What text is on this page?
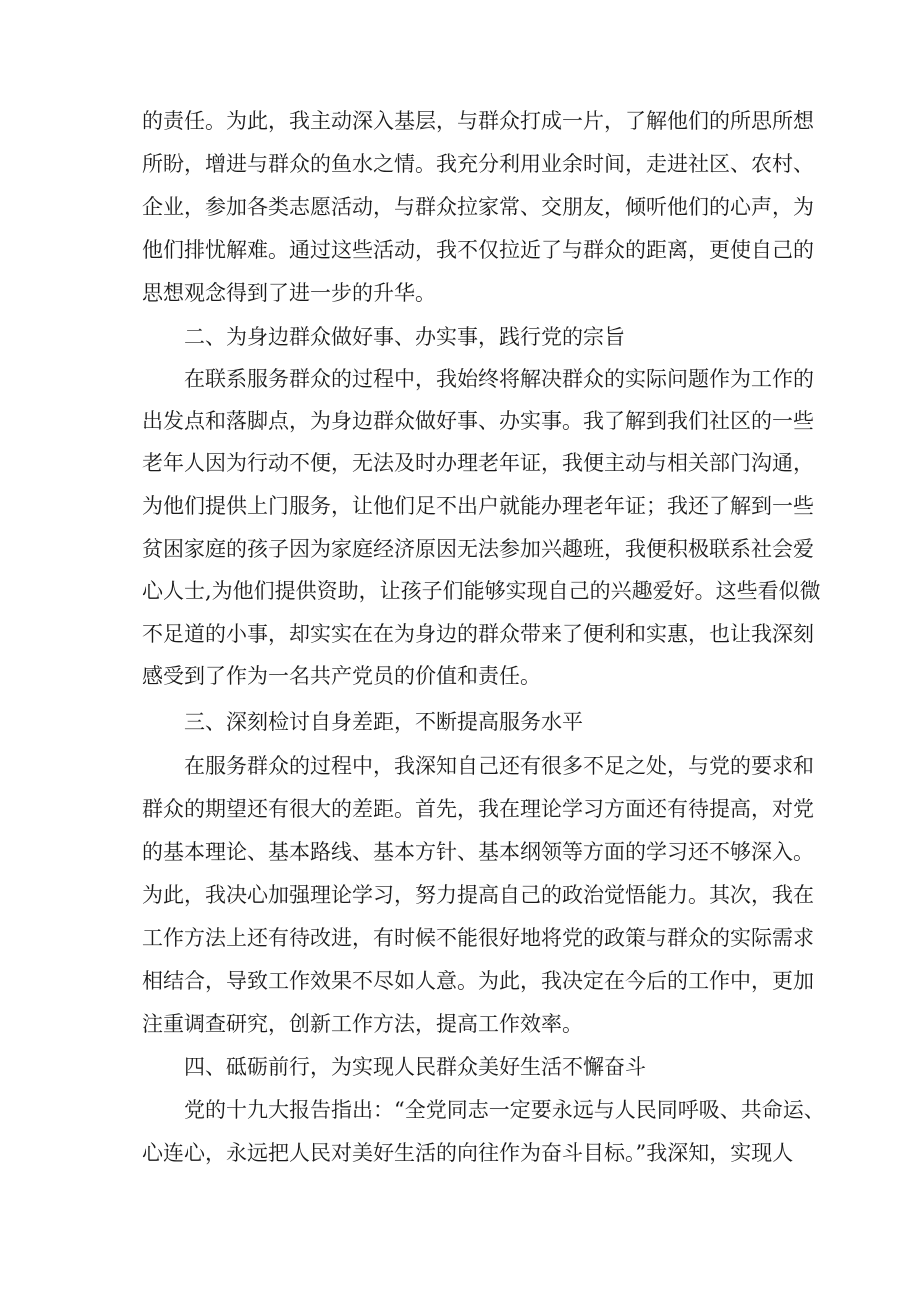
的责任。为此，我主动深入基层，与群众打成一片，了解他们的所思所想
所盼，增进与群众的鱼水之情。我充分利用业余时间，走进社区、农村、
企业，参加各类志愿活动，与群众拉家常、交朋友，倾听他们的心声，为
他们排忧解难。通过这些活动，我不仅拉近了与群众的距离，更使自己的
思想观念得到了进一步的升华。
二、为身边群众做好事、办实事，践行党的宗旨
在联系服务群众的过程中，我始终将解决群众的实际问题作为工作的
出发点和落脚点，为身边群众做好事、办实事。我了解到我们社区的一些
老年人因为行动不便，无法及时办理老年证，我便主动与相关部门沟通，
为他们提供上门服务，让他们足不出户就能办理老年证；我还了解到一些
贫困家庭的孩子因为家庭经济原因无法参加兴趣班，我便积极联系社会爱
心人士,为他们提供资助，让孩子们能够实现自己的兴趣爱好。这些看似微
不足道的小事，却实实在在为身边的群众带来了便利和实惠，也让我深刻
感受到了作为一名共产党员的价值和责任。
三、深刻检讨自身差距，不断提高服务水平
在服务群众的过程中，我深知自己还有很多不足之处，与党的要求和
群众的期望还有很大的差距。首先，我在理论学习方面还有待提高，对党
的基本理论、基本路线、基本方针、基本纲领等方面的学习还不够深入。
为此，我决心加强理论学习，努力提高自己的政治觉悟能力。其次，我在
工作方法上还有待改进，有时候不能很好地将党的政策与群众的实际需求
相结合，导致工作效果不尽如人意。为此，我决定在今后的工作中，更加
注重调查研究，创新工作方法，提高工作效率。
四、砥砺前行，为实现人民群众美好生活不懈奋斗
党的十九大报告指出：“全党同志一定要永远与人民同呼吸、共命运、
心连心，永远把人民对美好生活的向往作为奋斗目标。”我深知，实现人
